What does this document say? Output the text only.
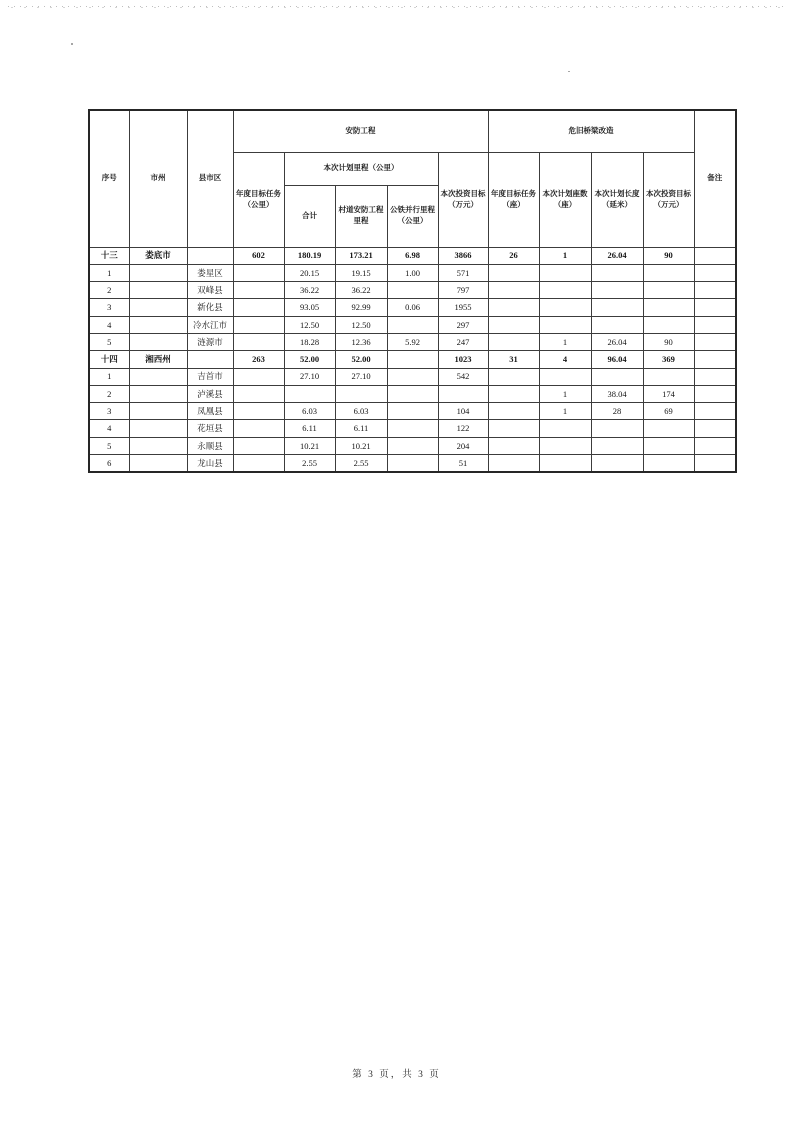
序号	市州	县市区	安防工程					危旧桥梁改造				备注
			年度目标任务（公里）	本次计划里程（公里）			本次投资目标（万元）	年度目标任务（座）	本次计划座数（座）	本次计划长度（延米）	本次投资目标（万元）	
				合计	村道安防工程里程	公铁并行里程（公里）						
十三	娄底市		602	180.19	173.21	6.98	3866	26	1	26.04	90	
1		娄星区		20.15	19.15	1.00	571					
2		双峰县		36.22	36.22		797					
3		新化县		93.05	92.99	0.06	1955					
4		冷水江市		12.50	12.50		297					
5		涟源市		18.28	12.36	5.92	247		1	26.04	90	
十四	湘西州		263	52.00	52.00		1023	31	4	96.04	369	
1		吉首市		27.10	27.10		542					
2		泸溪县							1	38.04	174	
3		凤凰县		6.03	6.03		104		1	28	69	
4		花垣县		6.11	6.11		122					
5		永顺县		10.21	10.21		204					
6		龙山县		2.55	2.55		51					
第 3 页，共 3 页
